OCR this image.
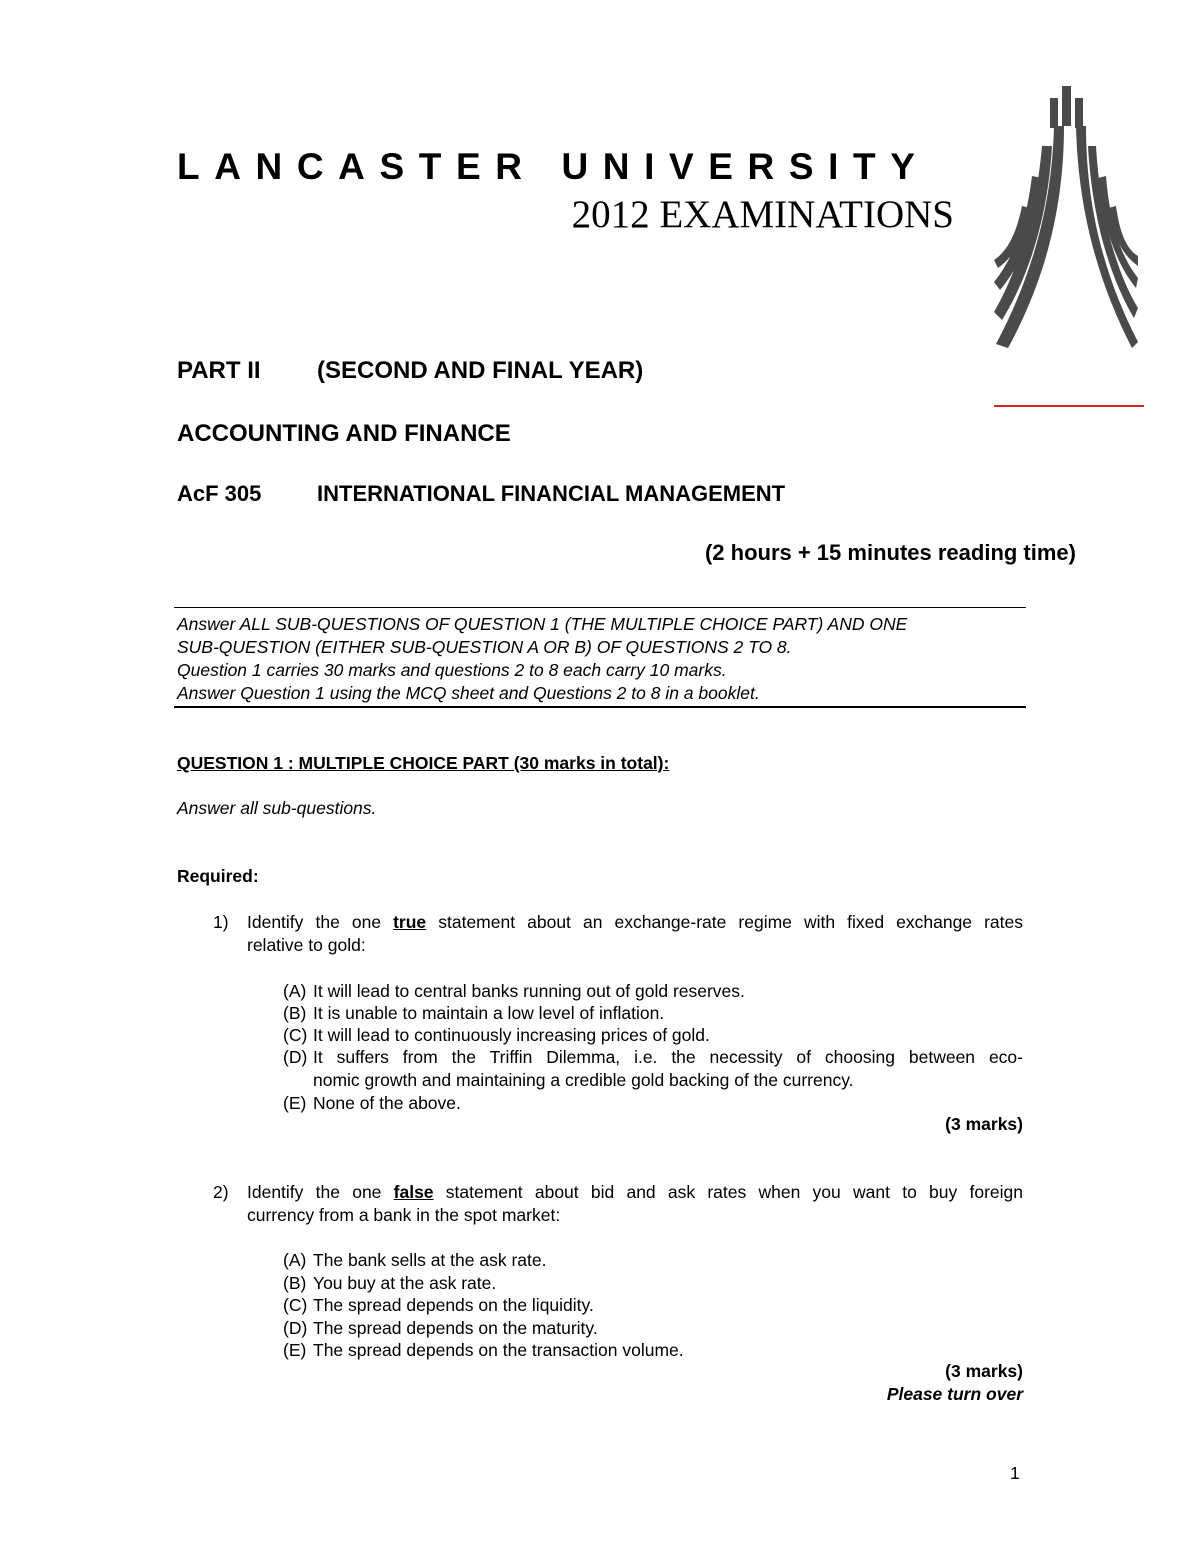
LANCASTER UNIVERSITY
2012 EXAMINATIONS
PART II (SECOND AND FINAL YEAR)
ACCOUNTING AND FINANCE
AcF 305	INTERNATIONAL FINANCIAL MANAGEMENT
(2 hours + 15 minutes reading time)
Answer ALL SUB-QUESTIONS OF QUESTION 1 (THE MULTIPLE CHOICE PART) AND ONE
SUB-QUESTION (EITHER SUB-QUESTION A OR B) OF QUESTIONS 2 TO 8.
Question 1 carries 30 marks and questions 2 to 8 each carry 10 marks.
Answer Question 1 using the MCQ sheet and Questions 2 to 8 in a booklet.
QUESTION 1 : MULTIPLE CHOICE PART (30 marks in total):
Answer all sub-questions.
Required:
1) Identify the one true statement about an exchange-rate regime with fixed exchange rates
relative to gold:
(A) It will lead to central banks running out of gold reserves.
(B) It is unable to maintain a low level of inflation.
(C) It will lead to continuously increasing prices of gold.
(D) It suffers from the Triffin Dilemma, i.e. the necessity of choosing between eco-
nomic growth and maintaining a credible gold backing of the currency.
(E) None of the above.
(3 marks)
2) Identify the one false statement about bid and ask rates when you want to buy foreign
currency from a bank in the spot market:
(A) The bank sells at the ask rate.
(B) You buy at the ask rate.
(C) The spread depends on the liquidity.
(D) The spread depends on the maturity.
(E) The spread depends on the transaction volume.
(3 marks)
Please turn over
1
